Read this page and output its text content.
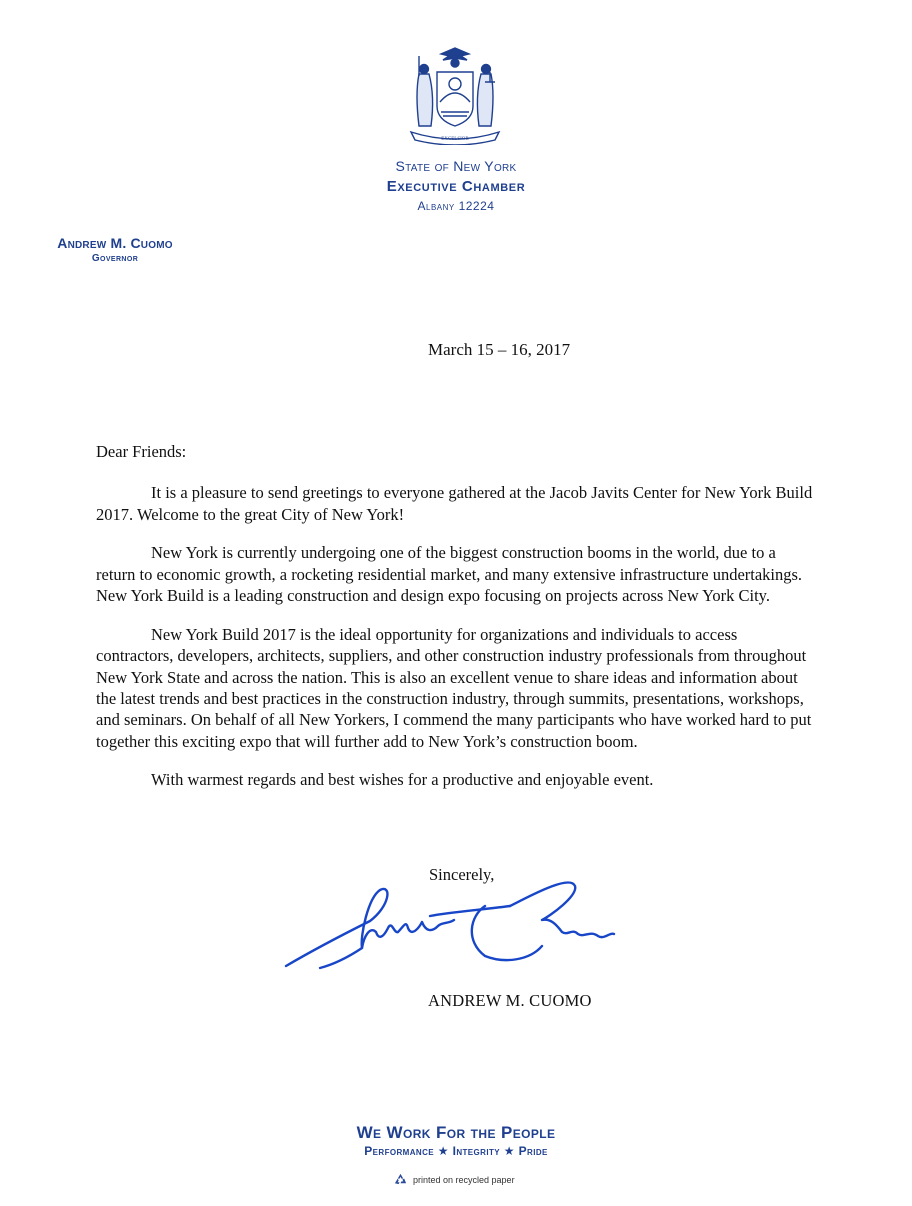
EXCELSIOR
State of New York
Executive Chamber
Albany 12224
Andrew M. Cuomo
Governor
March 15 – 16, 2017

Dear Friends:

It is a pleasure to send greetings to everyone gathered at the Jacob Javits Center for New York Build 2017. Welcome to the great City of New York!

New York is currently undergoing one of the biggest construction booms in the world, due to a return to economic growth, a rocketing residential market, and many extensive infrastructure undertakings. New York Build is a leading construction and design expo focusing on projects across New York City.

New York Build 2017 is the ideal opportunity for organizations and individuals to access contractors, developers, architects, suppliers, and other construction industry professionals from throughout New York State and across the nation. This is also an excellent venue to share ideas and information about the latest trends and best practices in the construction industry, through summits, presentations, workshops, and seminars. On behalf of all New Yorkers, I commend the many participants who have worked hard to put together this exciting expo that will further add to New York’s construction boom.

With warmest regards and best wishes for a productive and enjoyable event.

Sincerely,
ANDREW M. CUOMO
We Work For the People
Performance ★ Integrity ★ Pride
printed on recycled paper
